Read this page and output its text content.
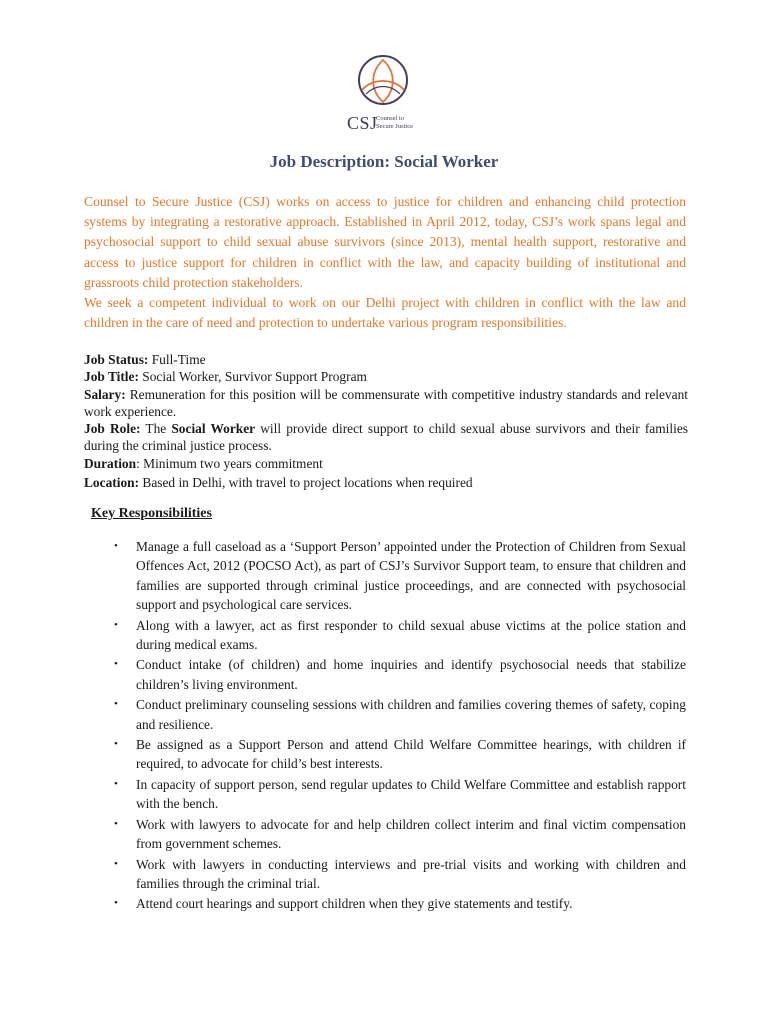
CSJ
Counsel to
Secure Justice
Job Description: Social Worker

Counsel to Secure Justice (CSJ) works on access to justice for children and enhancing child protection systems by integrating a restorative approach. Established in April 2012, today, CSJ’s work spans legal and psychosocial support to child sexual abuse survivors (since 2013), mental health support, restorative and access to justice support for children in conflict with the law, and capacity building of institutional and grassroots child protection stakeholders.

We seek a competent individual to work on our Delhi project with children in conflict with the law and children in the care of need and protection to undertake various program responsibilities.

Job Status: Full-Time

Job Title: Social Worker, Survivor Support Program

Salary: Remuneration for this position will be commensurate with competitive industry standards and relevant work experience.

Job Role: The Social Worker will provide direct support to child sexual abuse survivors and their families during the criminal justice process.

Duration: Minimum two years commitment

Location: Based in Delhi, with travel to project locations when required

Key Responsibilities
• Manage a full caseload as a ‘Support Person’ appointed under the Protection of Children from Sexual Offences Act, 2012 (POCSO Act), as part of CSJ’s Survivor Support team, to ensure that children and families are supported through criminal justice proceedings, and are connected with psychosocial support and psychological care services.
• Along with a lawyer, act as first responder to child sexual abuse victims at the police station and during medical exams.
• Conduct intake (of children) and home inquiries and identify psychosocial needs that stabilize children’s living environment.
• Conduct preliminary counseling sessions with children and families covering themes of safety, coping and resilience.
• Be assigned as a Support Person and attend Child Welfare Committee hearings, with children if required, to advocate for child’s best interests.
• In capacity of support person, send regular updates to Child Welfare Committee and establish rapport with the bench.
• Work with lawyers to advocate for and help children collect interim and final victim compensation from government schemes.
• Work with lawyers in conducting interviews and pre-trial visits and working with children and families through the criminal trial.
• Attend court hearings and support children when they give statements and testify.
